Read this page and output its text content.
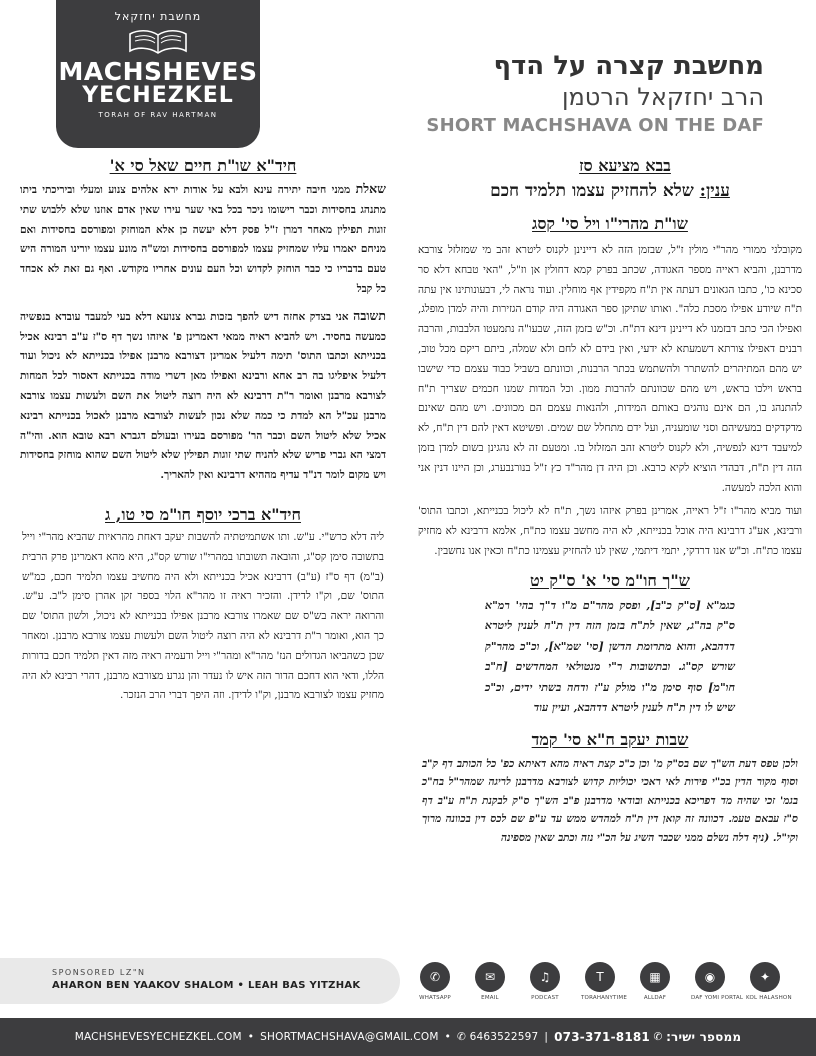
מחשבת יחזקאל
MACHSHEVES
YECHEZKEL
TORAH OF RAV HARTMAN
מחשבת קצרה על הדף
הרב יחזקאל הרטמן
SHORT MACHSHAVA ON THE DAF
חיד"א שו"ת חיים שאל סי א'
שאלת ממני חיבה יתירה עינא ולבא על אודות ירא אלהים צנוע ומעלי וביריכתי ביתו מתנהג בחסידות וכבר רישומו ניכר בכל באי שער עירו שאין אדם אוזנו שלא ללבוש שתי זוגות תפילין מאחר דמרן ז"ל פסק דלא יעשה כן אלא המוחזק ומפורסם בחסידות ואם מניחם יאמרו עליו שמחזיק עצמו למפורסם בחסידות ומש"ה מונע עצמו יורינו המורה היש טעם בדבריו כי כבר הוחזק לקדוש וכל העם עונים אחריו מקודש. ואף גם זאת לא אכחד כל קבל
תשובה אני בצדק אחזה דיש להפך בזכות גברא צנועא דלא בעי למעבד עובדא בנפשיה כמעשה בחסיד. ויש להביא ראיה ממאי דאמרינן פ' איזהו נשך דף ס"ז ע"ב רבינא אכיל בכנייתא וכתבו התוס' תימה דלעיל אמרינן דצורבא מרבנן אפילו בכנייתא לא ניכול ועוד דלעיל איפליגו בה רב אחא ורבינא ואפילו מאן דשרי מודה בכנייתא דאסור לכל המחות לצורבא מרבנן ואומר ר"ת דרבינא לא היה רוצה ליטול את השם ולעשות עצמו צורבא מרבנן עכ"ל הא למדת כי כמה שלא נכון לעשות לצורבא מרבנן לאכול בכנייתא רבינא אכיל שלא ליטול השם וכבר הר' מפורסם בעירו ובעולם דגברא רבא טובא הוא. והי"ה דמצי הא גברי פריש שלא להניח שתי זוגות תפילין שלא ליטול השם שהוא מוחזק בחסידות ויש מקום לומר דנ"ד עדיף מההיא דרבינא ואין להאריך.
חיד"א ברכי יוסף חו"מ סי טו, ג
ליה דלא כרש"י. ע"ש. ותו אשתמיטתיה להשבות יעקב דאחת מהראיות שהביא מהר"י וייל בתשובה סימן קס"ג, והובאה תשובתו במהרי"ו שורש קס"ג, היא מהא דאמרינן פרק הרבית (ב"מ) דף ס"ז (ע"ב) דרבינא אכיל בכנייתא ולא היה מחשיב עצמו תלמיד חכם, כמ"ש התוס' שם, וק"ו לדידן. והזכיר ראיה זו מהר"א הלוי בספר זקן אהרן סימן ל"ב. ע"ש. והרואה יראה בש"ס שם שאמרו צורבא מרבנן אפילו בכנייתא לא ניכול, ולשון התוס' שם כך הוא, ואומר ר"ת דרבינא לא היה רוצה ליטול השם ולעשות עצמו צורבא מרבנן. ומאחר שכן כשהביאו הגדולים הנז' מהר"א ומהר"י וייל ודעמיה ראיה מזה דאין תלמיד חכם בדורות הללו, ודאי הוא דחכם הדור הזה איש לו נעדר והן נגרע מצורבא מרבנן, דהרי רבינא לא היה מחזיק עצמו לצורבא מרבנן, וק"ו לדידן. וזה היפך דברי הרב הנזכר.
בבא מציעא סז
ענין: שלא להחזיק עצמו תלמיד חכם
שו"ת מהרי"ו ויל סי' קסג

מקובלני ממורי מהר"י מולין ז"ל, שבזמן הזה לא דיינינן לקנוס ליטרא זהב מי שמזלזל צורבא מדרבנן, והביא ראייה מספר האגודה, שכתב בפרק קמא דחולין אן וז"ל, "האי טבחא דלא סר סכינא כו', כתבו הגאונים דעתה אין ת"ח מקפידין אף מוחלין. ועוד נראה לי, דבעונותינו אין עתה ת"ח שיודע אפילו מסכת כלה". ואותו שתיקן ספר האגודה היה קודם הגזירות והיה למדן מופלג, ואפילו הכי כתב דבזמנו לא דיינינן דינא דת"ח. וכ"ש בזמן הזה, שבעו"ה נתמעטו הלבבות, והרבה רבנים דאפילו צורתא דשמעתא לא ידעי, ואין בידם לא לחם ולא שמלה, ביתם ריקם מכל טוב, יש מהם המתיהרים להשתרר ולהשתמש בכתר הרבנות, וכוונתם בשביל כבוד עצמם כדי שישבו בראש וילכו בראש, ויש מהם שכוונתם להרבות ממון. וכל המדות שמנו חכמים שצריך ת"ח להתנהג בו, הם אינם נוהגים באותם המידות, ולהנאות עצמם הם מכוונים. ויש מהם שאינם מדקדקים במעשיהם וסני שומעניה, ועל ידם מתחלל שם שמים. ופשיטא דאין להם דין ת"ח, לא למיעבד דינא לנפשיה, ולא לקנוס ליטרא זהב המזלזל בו. ומטעם זה לא נהגינן בשום למדן בזמן הזה דין ת"ח, דבהדי הוציא לקיא כרבא. וכן היה דן מהר"ד כץ ז"ל בנורנבערג, וכן היינו דנין אני והוא הלכה למעשה.

ועוד מביא מהר"ו ז"ל ראייה, אמרינן בפרק איזהו נשך, ת"ח לא ליכול בכנייתא, וכתבו התוס' ורבינא, אע"ג דרבינא היה אוכל בכנייתא, לא היה מחשב עצמו כת"ח, אלמא דרבינא לא מחזיק עצמו כת"ח. וכ"ש אנו דרדקי, יתמי דיתמי, שאין לנו להחזיק עצמינו כת"ח וכאין אנו נחשבין.

ש"ך חו"מ סי' א' ס"ק יט
כגמ"א [ס"ק כ"ב], ופסק מהר"ם מ"ו ד"ך בהי' רמ"א ס"ק בה"ג, שאין לת"ח בזמן הזה דין ת"ח לענין ליטרא דדהבא, והוא מתרומת הדשן [סי' שמ"א], וכ"כ מהר"ק שורש קס"ג. ובתשובות ר"י מנטולאי המחדשים [ח"ב חו"מ] סוף סימן מ"ו מולק ע"ז ודחה בשתי ידים, וכ"כ שיש לו דין ת"ח לענין ליטרא דדהבא, ועיין עוד
שבות יעקב ח"א סי' קמד
ולכן טפס דעת הש"ך שם בס"ק מ' וכן כ"כ קצת ראיה מהא דאיתא כפ' כל הכותב דף ק"ב וסוף מקור הדין בכ"י פירות לאי ראכי יכוליות קדוש לצורבא מדרבנן לריגה שמהר"ל בח"כ בגמ' זכי שהיה מד דפריכא בכנייתא ובודאי מדרבנן פ"ב הש"ך ס"ק לבקנת ת"ח ע"ב דף ס"ז עבאם טעמ. דכוונה זה קואן דין ת"ח למהדש ממש עד ע"פ שם לכס דין בכוונה מרוך וקי"ל. (ניף דלה נשלם ממני שכבר השיג על הכ"י נזה וכתב שאין מספינה
SPONSORED LZ"N
AHARON BEN YAAKOV SHALOM • LEAH BAS YITZHAK
✆
WHATSAPP
✉
EMAIL
♫
PODCAST
T
TORAHANYTIME
▦
ALLDAF
◉
DAF YOMI PORTAL
✦
KOL HALASHON
MACHSHEVESYECHEZKEL.COM • SHORTMACHSHAVA@GMAIL.COM • ✆ 6463522597 | 073-371-8181 ✆ ממספר ישיר:
